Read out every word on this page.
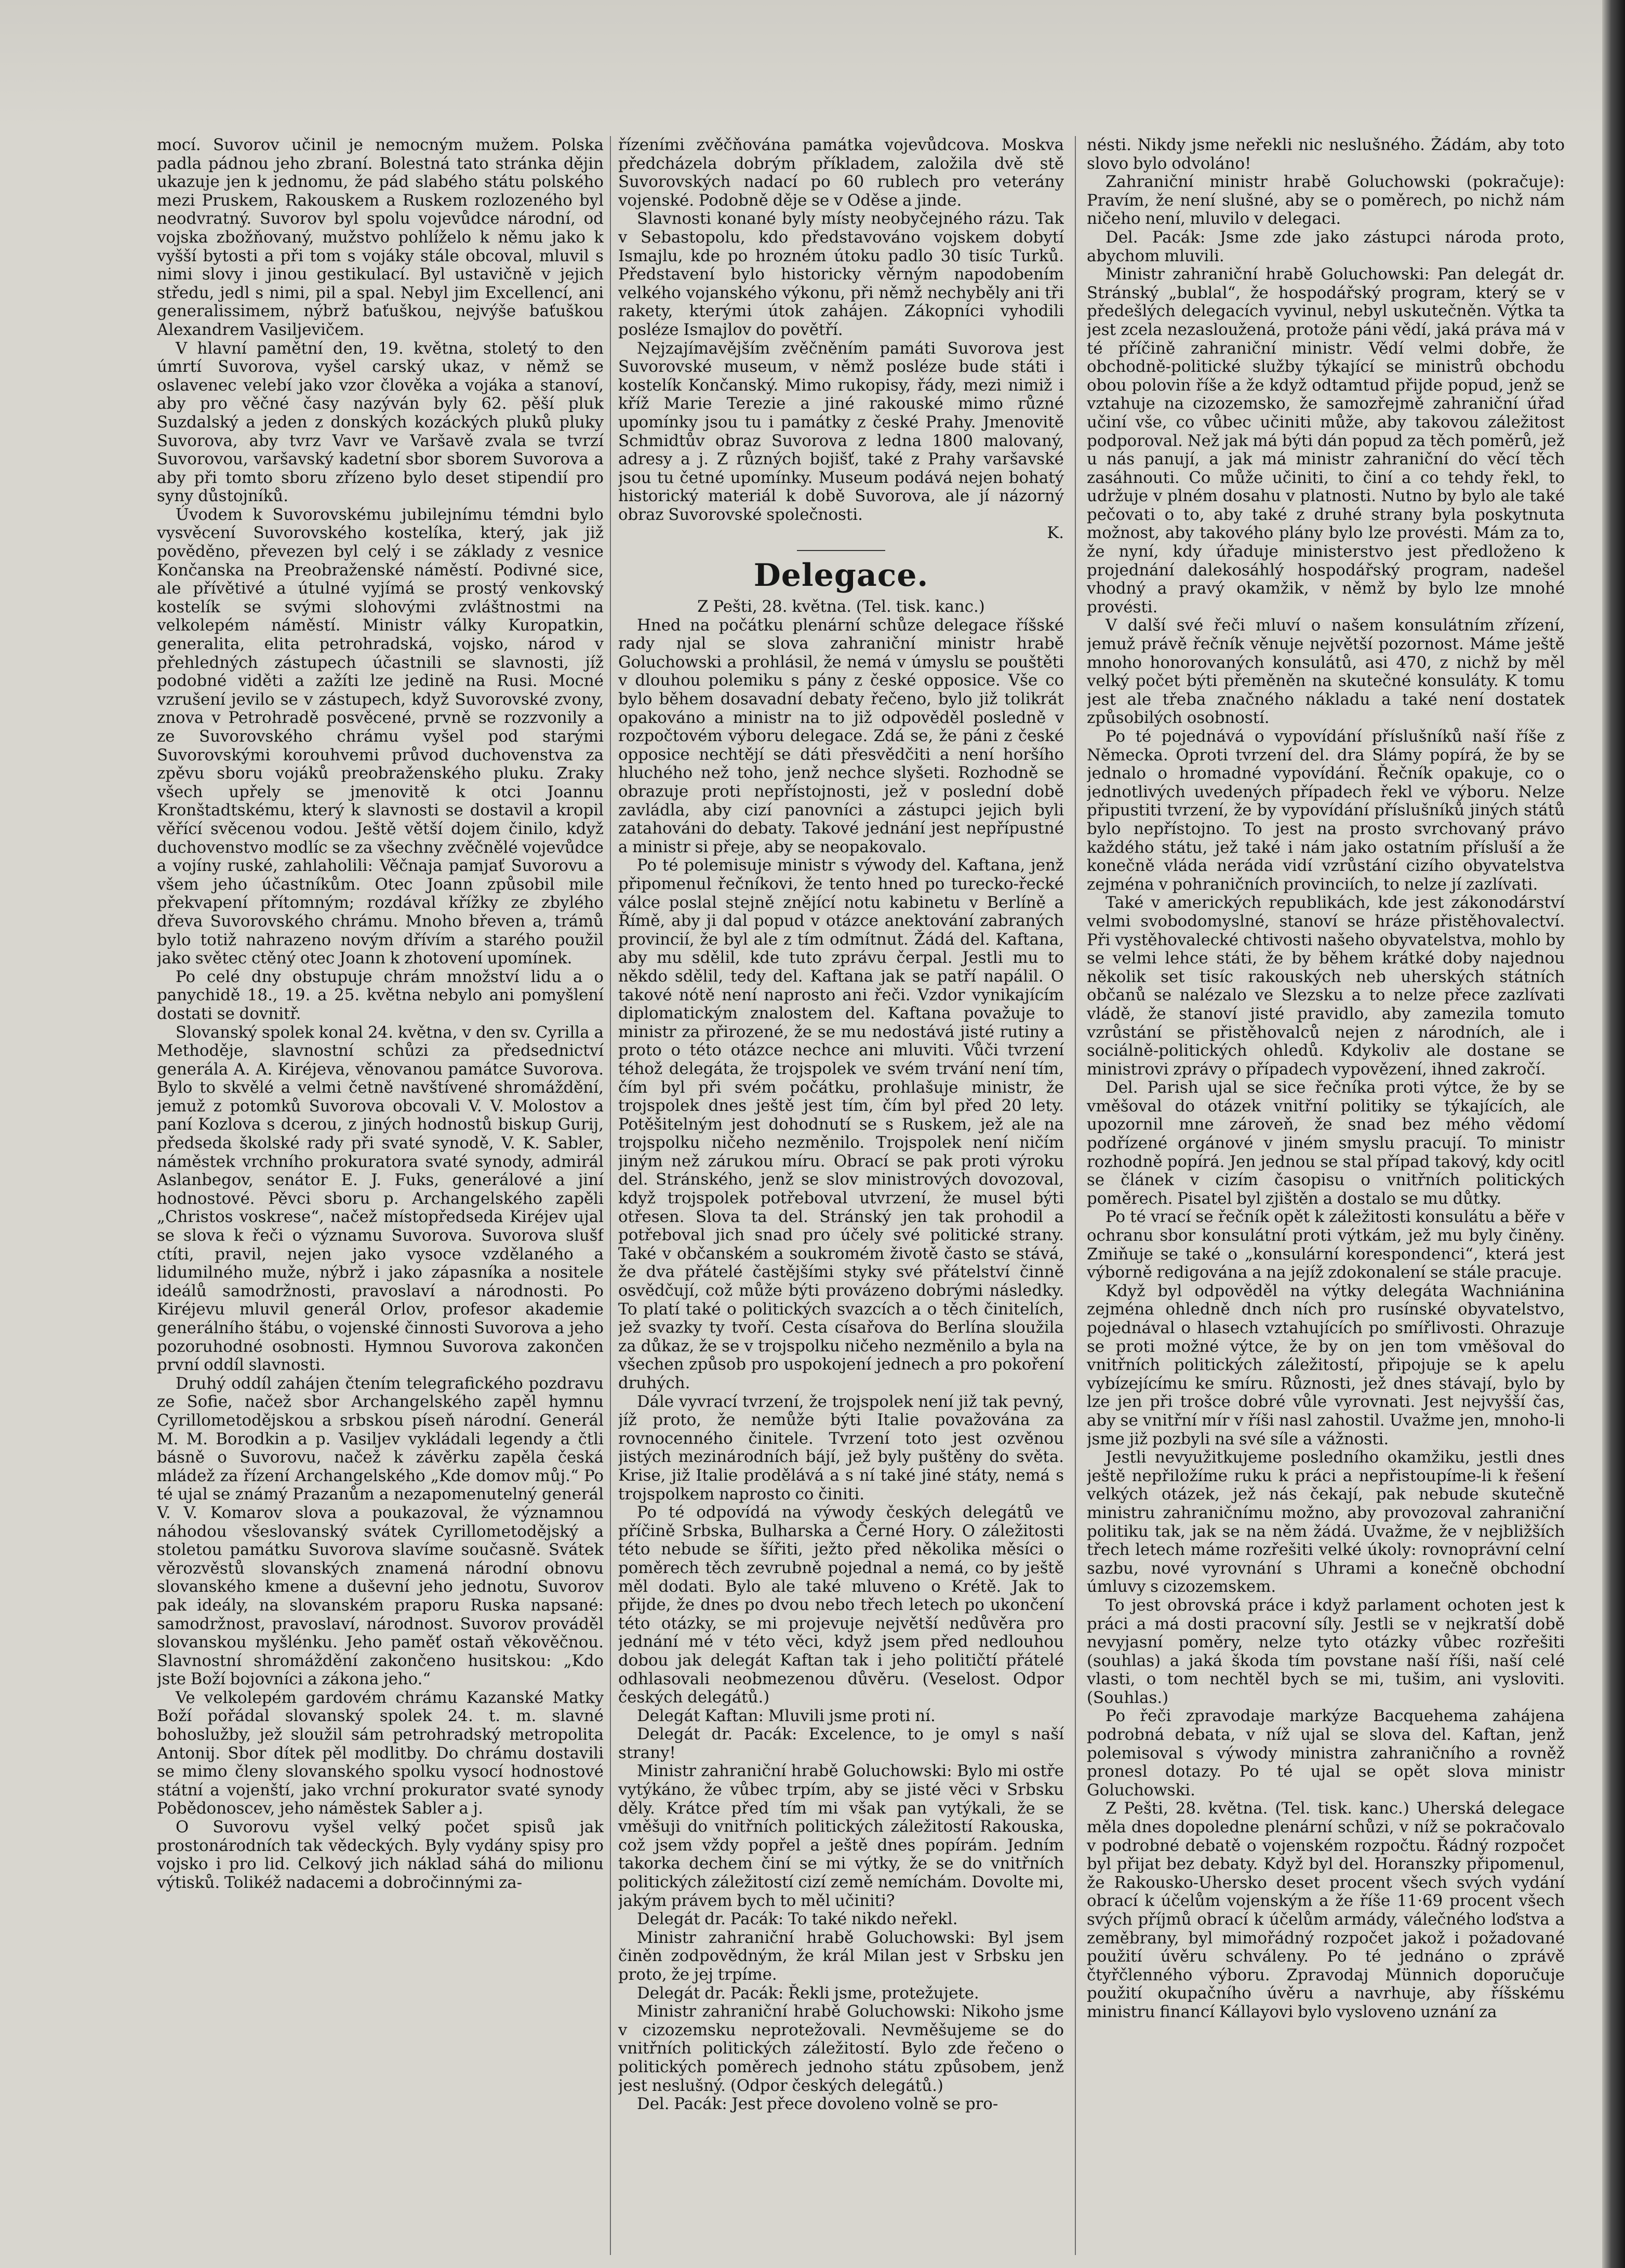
mocí. Suvorov učinil je nemocným mužem. Polska padla pádnou jeho zbraní. Bolestná tato stránka dějin ukazuje jen k jednomu, že pád slabého státu polského mezi Pruskem, Rakouskem a Ruskem rozlozeného byl neodvratný. Suvorov byl spolu vojevůdce národní, od vojska zbožňovaný, mužstvo pohlíželo k němu jako k vyšší bytosti a při tom s vojáky stále obcoval, mluvil s nimi slovy i jinou gestikulací. Byl ustavičně v jejich středu, jedl s nimi, pil a spal. Nebyl jim Excellencí, ani generalissimem, nýbrž baťuškou, nejvýše baťuškou Alexandrem Vasiljevičem.

V hlavní pamětní den, 19. května, stoletý to den úmrtí Suvorova, vyšel carský ukaz, v němž se oslavenec velebí jako vzor člověka a vojáka a stanoví, aby pro věčné časy nazýván byly 62. pěší pluk Suzdalský a jeden z donských kozáckých pluků pluky Suvorova, aby tvrz Vavr ve Varšavě zvala se tvrzí Suvorovou, varšavský kadetní sbor sborem Suvorova a aby při tomto sboru zřízeno bylo deset stipendií pro syny důstojníků.

Úvodem k Suvorovskému jubilejnímu témdni bylo vysvěcení Suvorovského kostelíka, který, jak již pověděno, převezen byl celý i se základy z vesnice Končanska na Preobraženské náměstí. Podivné sice, ale přívětivé a útulné vyjímá se prostý venkovský kostelík se svými slohovými zvláštnostmi na velkolepém náměstí. Ministr války Kuropatkin, generalita, elita petrohradská, vojsko, národ v přehledných zástupech účastnili se slavnosti, jíž podobné viděti a zažíti lze jedině na Rusi. Mocné vzrušení jevilo se v zástupech, když Suvorovské zvony, znova v Petrohradě posvěcené, prvně se rozzvonily a ze Suvorovského chrámu vyšel pod starými Suvorovskými korouhvemi průvod duchovenstva za zpěvu sboru vojáků preobraženského pluku. Zraky všech upřely se jmenovitě k otci Joannu Kronštadtskému, který k slavnosti se dostavil a kropil věřící svěcenou vodou. Ještě větší dojem činilo, když duchovenstvo modlíc se za všechny zvěčnělé vojevůdce a vojíny ruské, zahlaholili: Věčnaja pamjať Suvorovu a všem jeho účastníkům. Otec Joann způsobil mile překvapení přítomným; rozdával křížky ze zbylého dřeva Suvorovského chrámu. Mnoho břeven a, trámů bylo totiž nahrazeno novým dřívím a starého použil jako světec ctěný otec Joann k zhotovení upomínek.

Po celé dny obstupuje chrám množství lidu a o panychidě 18., 19. a 25. května nebylo ani pomyšlení dostati se dovnitř.

Slovanský spolek konal 24. května, v den sv. Cyrilla a Methoděje, slavnostní schůzi za předsednictví generála A. A. Kiréjeva, věnovanou památce Suvorova. Bylo to skvělé a velmi četně navštívené shromáždění, jemuž z potomků Suvorova obcovali V. V. Molostov a paní Kozlova s dcerou, z jiných hodnostů biskup Gurij, předseda školské rady při svaté synodě, V. K. Sabler, náměstek vrchního prokuratora svaté synody, admirál Aslanbegov, senátor E. J. Fuks, generálové a jiní hodnostové. Pěvci sboru p. Archangelského zapěli „Christos voskrese“, načež místopředseda Kiréjev ujal se slova k řeči o významu Suvorova. Suvorova slušf ctíti, pravil, nejen jako vysoce vzdělaného a lidumilného muže, nýbrž i jako zápasníka a nositele ideálů samodržnosti, pravoslaví a národnosti. Po Kiréjevu mluvil generál Orlov, profesor akademie generálního štábu, o vojenské činnosti Suvorova a jeho pozoruhodné osobnosti. Hymnou Suvorova zakončen první oddíl slavnosti.

Druhý oddíl zahájen čtením telegrafického pozdravu ze Sofie, načež sbor Archangelského zapěl hymnu Cyrillometodějskou a srbskou píseň národní. Generál M. M. Borodkin a p. Vasiljev vykládali legendy a čtli básně o Suvorovu, načež k závěrku zapěla česká mládež za řízení Archangelského „Kde domov můj.“ Po té ujal se známý Prazanům a nezapomenutelný generál V. V. Komarov slova a poukazoval, že významnou náhodou všeslovanský svátek Cyrillometodějský a stoletou památku Suvorova slavíme současně. Svátek věrozvěstů slovanských znamená národní obnovu slovanského kmene a duševní jeho jednotu, Suvorov pak ideály, na slovanském praporu Ruska napsané: samodržnost, pravoslaví, národnost. Suvorov prováděl slovanskou myšlénku. Jeho paměť ostaň věkověčnou. Slavnostní shromáždění zakončeno husitskou: „Kdo jste Boží bojovníci a zákona jeho.“

Ve velkolepém gardovém chrámu Kazanské Matky Boží pořádal slovanský spolek 24. t. m. slavné bohoslužby, jež sloužil sám petrohradský metropolita Antonij. Sbor dítek pěl modlitby. Do chrámu dostavili se mimo členy slovanského spolku vysocí hodnostové státní a vojenští, jako vrchní prokurator svaté synody Pobědonoscev, jeho náměstek Sabler a j.

O Suvorovu vyšel velký počet spisů jak prostonárodních tak vědeckých. Byly vydány spisy pro vojsko i pro lid. Celkový jich náklad sáhá do milionu výtisků. Tolikéž nadacemi a dobročinnými za-

řízeními zvěčňována památka vojevůdcova. Moskva předcházela dobrým příkladem, založila dvě stě Suvorovských nadací po 60 rublech pro veterány vojenské. Podobně děje se v Oděse a jinde.

Slavnosti konané byly místy neobyčejného rázu. Tak v Sebastopolu, kdo představováno vojskem dobytí Ismajlu, kde po hrozném útoku padlo 30 tisíc Turků. Představení bylo historicky věrným napodobením velkého vojanského výkonu, při němž nechyběly ani tři rakety, kterými útok zahájen. Zákopníci vyhodili posléze Ismajlov do povětří.

Nejzajímavějším zvěčněním památi Suvorova jest Suvorovské museum, v němž posléze bude státi i kostelík Končanský. Mimo rukopisy, řády, mezi nimiž i kříž Marie Terezie a jiné rakouské mimo různé upomínky jsou tu i památky z české Prahy. Jmenovitě Schmidtův obraz Suvorova z ledna 1800 malovaný, adresy a j. Z různých bojišť, také z Prahy varšavské jsou tu četné upomínky. Museum podává nejen bohatý historický materiál k době Suvorova, ale jí názorný obraz Suvorovské společnosti.

K.
Delegace.

Z Pešti, 28. května. (Tel. tisk. kanc.)

Hned na počátku plenární schůze delegace říšské rady njal se slova zahraniční ministr hrabě Goluchowski a prohlásil, že nemá v úmyslu se pouštěti v dlouhou polemiku s pány z české opposice. Vše co bylo během dosavadní debaty řečeno, bylo již tolikrát opakováno a ministr na to již odpověděl posledně v rozpočtovém výboru delegace. Zdá se, že páni z české opposice nechtějí se dáti přesvědčiti a není horšího hluchého než toho, jenž nechce slyšeti. Rozhodně se obrazuje proti nepřístojnosti, jež v poslední době zavládla, aby cizí panovníci a zástupci jejich byli zatahováni do debaty. Takové jednání jest nepřípustné a ministr si přeje, aby se neopakovalo.

Po té polemisuje ministr s výwody del. Kaftana, jenž připomenul řečníkovi, že tento hned po turecko-řecké válce poslal stejně znějící notu kabinetu v Berlíně a Římě, aby ji dal popud v otázce anektování zabraných provincií, že byl ale z tím odmítnut. Žádá del. Kaftana, aby mu sdělil, kde tuto zprávu čerpal. Jestli mu to někdo sdělil, tedy del. Kaftana jak se patří napálil. O takové nótě není naprosto ani řeči. Vzdor vynikajícím diplomatickým znalostem del. Kaftana považuje to ministr za přirozené, že se mu nedostává jisté rutiny a proto o této otázce nechce ani mluviti. Vůči tvrzení téhož delegáta, že trojspolek ve svém trvání není tím, čím byl při svém počátku, prohlašuje ministr, že trojspolek dnes ještě jest tím, čím byl před 20 lety. Potěšitelným jest dohodnutí se s Ruskem, jež ale na trojspolku ničeho nezměnilo. Trojspolek není ničím jiným než zárukou míru. Obrací se pak proti výroku del. Stránského, jenž se slov ministrových dovozoval, když trojspolek potřeboval utvrzení, že musel býti otřesen. Slova ta del. Stránský jen tak prohodil a potřeboval jich snad pro účely své politické strany. Také v občanském a soukromém životě často se stává, že dva přátelé častějšími styky své přátelství činně osvědčují, což může býti provázeno dobrými následky. To platí také o politických svazcích a o těch činitelích, jež svazky ty tvoří. Cesta císařova do Berlína sloužila za důkaz, že se v trojspolku ničeho nezměnilo a byla na všechen způsob pro uspokojení jednech a pro pokoření druhých.

Dále vyvrací tvrzení, že trojspolek není již tak pevný, jíž proto, že nemůže býti Italie považována za rovnocenného činitele. Tvrzení toto jest ozvěnou jistých mezinárodních bájí, jež byly puštěny do světa. Krise, již Italie prodělává a s ní také jiné státy, nemá s trojspolkem naprosto co činiti.

Po té odpovídá na výwody českých delegátů ve příčině Srbska, Bulharska a Černé Hory. O záležitosti této nebude se šířiti, ježto před několika měsíci o poměrech těch zevrubně pojednal a nemá, co by ještě měl dodati. Bylo ale také mluveno o Krétě. Jak to přijde, že dnes po dvou nebo třech letech po ukončení této otázky, se mi projevuje největší nedůvěra pro jednání mé v této věci, když jsem před nedlouhou dobou jak delegát Kaftan tak i jeho političtí přátelé odhlasovali neobmezenou důvěru. (Veselost. Odpor českých delegátů.)

Delegát Kaftan: Mluvili jsme proti ní.

Delegát dr. Pacák: Excelence, to je omyl s naší strany!

Ministr zahraniční hrabě Goluchowski: Bylo mi ostře vytýkáno, že vůbec trpím, aby se jisté věci v Srbsku děly. Krátce před tím mi však pan vytýkali, že se vměšuji do vnitřních politických záležitostí Rakouska, což jsem vždy popřel a ještě dnes popírám. Jedním takorka dechem činí se mi výtky, že se do vnitřních politických záležitostí cizí země nemíchám. Dovolte mi, jakým právem bych to měl učiniti?

Delegát dr. Pacák: To také nikdo neřekl.

Ministr zahraniční hrabě Goluchowski: Byl jsem činěn zodpovědným, že král Milan jest v Srbsku jen proto, že jej trpíme.

Delegát dr. Pacák: Řekli jsme, protežujete.

Ministr zahraniční hrabě Goluchowski: Nikoho jsme v cizozemsku neprotežovali. Nevměšujeme se do vnitřních politických záležitostí. Bylo zde řečeno o politických poměrech jednoho státu způsobem, jenž jest neslušný. (Odpor českých delegátů.)

Del. Pacák: Jest přece dovoleno volně se pro-

nésti. Nikdy jsme neřekli nic neslušného. Žádám, aby toto slovo bylo odvoláno!

Zahraniční ministr hrabě Goluchowski (pokračuje): Pravím, že není slušné, aby se o poměrech, po nichž nám ničeho není, mluvilo v delegaci.

Del. Pacák: Jsme zde jako zástupci národa proto, abychom mluvili.

Ministr zahraniční hrabě Goluchowski: Pan delegát dr. Stránský „bublal“, že hospodářský program, který se v předešlých delegacích vyvinul, nebyl uskutečněn. Výtka ta jest zcela nezasloužená, protože páni vědí, jaká práva má v té příčině zahraniční ministr. Vědí velmi dobře, že obchodně-politické služby týkající se ministrů obchodu obou polovin říše a že když odtamtud přijde popud, jenž se vztahuje na cizozemsko, že samozřejmě zahraniční úřad učiní vše, co vůbec učiniti může, aby takovou záležitost podporoval. Než jak má býti dán popud za těch poměrů, jež u nás panují, a jak má ministr zahraniční do věcí těch zasáhnouti. Co může učiniti, to činí a co tehdy řekl, to udržuje v plném dosahu v platnosti. Nutno by bylo ale také pečovati o to, aby také z druhé strany byla poskytnuta možnost, aby takového plány bylo lze provésti. Mám za to, že nyní, kdy úřaduje ministerstvo jest předloženo k projednání dalekosáhlý hospodářský program, nadešel vhodný a pravý okamžik, v němž by bylo lze mnohé provésti.

V další své řeči mluví o našem konsulátním zřízení, jemuž právě řečník věnuje největší pozornost. Máme ještě mnoho honorovaných konsulátů, asi 470, z nichž by měl velký počet býti přeměněn na skutečné konsuláty. K tomu jest ale třeba značného nákladu a také není dostatek způsobilých osobností.

Po té pojednává o vypovídání příslušníků naší říše z Německa. Oproti tvrzení del. dra Slámy popírá, že by se jednalo o hromadné vypovídání. Řečník opakuje, co o jednotlivých uvedených případech řekl ve výboru. Nelze připustiti tvrzení, že by vypovídání příslušníků jiných států bylo nepřístojno. To jest na prosto svrchovaný právo každého státu, jež také i nám jako ostatním přísluší a že konečně vláda neráda vidí vzrůstání cizího obyvatelstva zejména v pohraničních provinciích, to nelze jí zazlívati.

Také v amerických republikách, kde jest zákonodárství velmi svobodomyslné, stanoví se hráze přistěhovalectví. Při vystěhovalecké chtivosti našeho obyvatelstva, mohlo by se velmi lehce státi, že by během krátké doby najednou několik set tisíc rakouských neb uherských státních občanů se nalézalo ve Slezsku a to nelze přece zazlívati vládě, že stanoví jisté pravidlo, aby zamezila tomuto vzrůstání se přistěhovalců nejen z národních, ale i sociálně-politických ohledů. Kdykoliv ale dostane se ministrovi zprávy o případech vypovězení, ihned zakročí.

Del. Parish ujal se sice řečníka proti výtce, že by se vměšoval do otázek vnitřní politiky se týkajících, ale upozornil mne zároveň, že snad bez mého vědomí podřízené orgánové v jiném smyslu pracují. To ministr rozhodně popírá. Jen jednou se stal případ takový, kdy ocitl se článek v cizím časopisu o vnitřních politických poměrech. Pisatel byl zjištěn a dostalo se mu důtky.

Po té vrací se řečník opět k záležitosti konsulátu a běře v ochranu sbor konsulátní proti výtkám, jež mu byly činěny. Zmiňuje se také o „konsulární korespondenci“, která jest výborně redigována a na jejíž zdokonalení se stále pracuje.

Když byl odpověděl na výtky delegáta Wachniánina zejména ohledně dnch ních pro rusínské obyvatelstvo, pojednával o hlasech vztahujících po smířlivosti. Ohrazuje se proti možné výtce, že by on jen tom vměšoval do vnitřních politických záležitostí, připojuje se k apelu vybízejícímu ke smíru. Různosti, jež dnes stávají, bylo by lze jen při trošce dobré vůle vyrovnati. Jest nejvyšší čas, aby se vnitřní mír v říši nasl zahostil. Uvažme jen, mnoho-li jsme již pozbyli na své síle a vážnosti.

Jestli nevyužitkujeme posledního okamžiku, jestli dnes ještě nepřiložíme ruku k práci a nepřistoupíme-li k řešení velkých otázek, jež nás čekají, pak nebude skutečně ministru zahraničnímu možno, aby provozoval zahraniční politiku tak, jak se na něm žádá. Uvažme, že v nejbližších třech letech máme rozřešiti velké úkoly: rovnoprávní celní sazbu, nové vyrovnání s Uhrami a konečně obchodní úmluvy s cizozemskem.

To jest obrovská práce i když parlament ochoten jest k práci a má dosti pracovní síly. Jestli se v nejkratší době nevyjasní poměry, nelze tyto otázky vůbec rozřešiti (souhlas) a jaká škoda tím povstane naší říši, naší celé vlasti, o tom nechtěl bych se mi, tušim, ani vysloviti. (Souhlas.)

Po řeči zpravodaje markýze Bacquehema zahájena podrobná debata, v níž ujal se slova del. Kaftan, jenž polemisoval s výwody ministra zahraničního a rovněž pronesl dotazy. Po té ujal se opět slova ministr Goluchowski.

Z Pešti, 28. května. (Tel. tisk. kanc.) Uherská delegace měla dnes dopoledne plenární schůzi, v níž se pokračovalo v podrobné debatě o vojenském rozpočtu. Řádný rozpočet byl přijat bez debaty. Když byl del. Horanszky připomenul, že Rakousko-Uhersko deset procent všech svých vydání obrací k účelům vojenským a že říše 11·69 procent všech svých příjmů obrací k účelům armády, válečného loďstva a zeměbrany, byl mimořádný rozpočet jakož i požadované použití úvěru schváleny. Po té jednáno o zprávě čtyřčlenného výboru. Zpravodaj Münnich doporučuje použití okupačního úvěru a navrhuje, aby říšskému ministru financí Kállayovi bylo vysloveno uznání za
